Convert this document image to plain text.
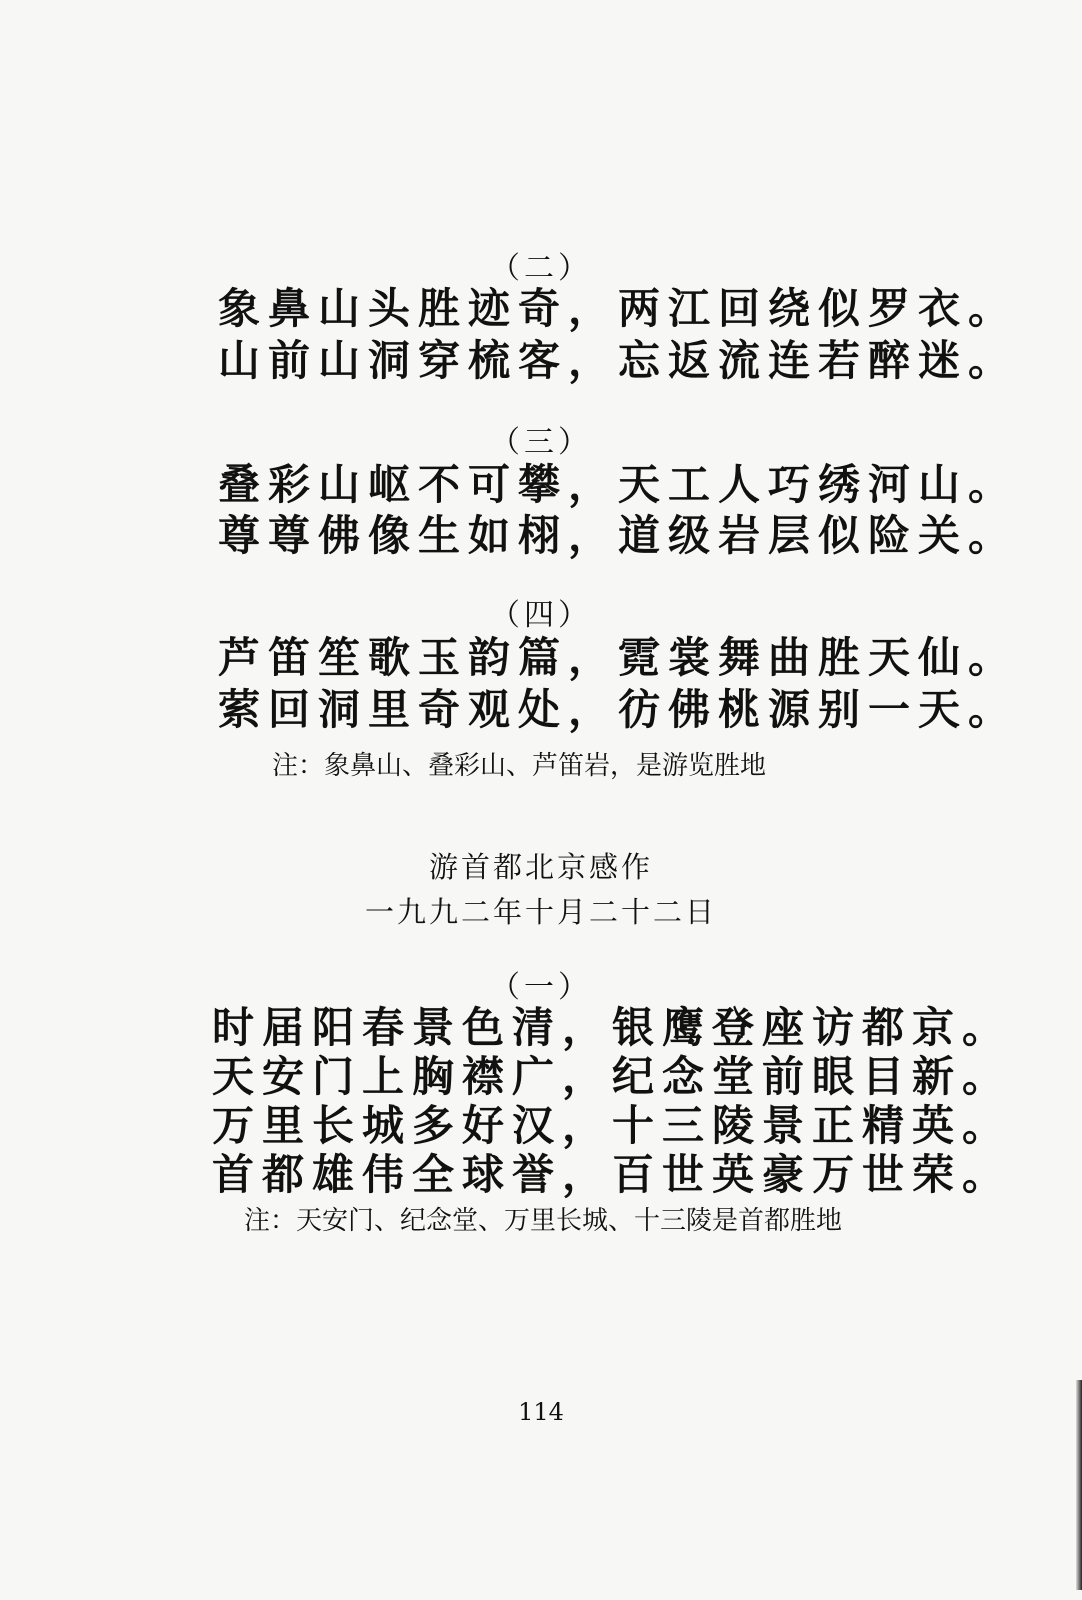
（二）
象鼻山头胜迹奇，两江回绕似罗衣。
山前山洞穿梳客，忘返流连若醉迷。
（三）
叠彩山岖不可攀，天工人巧绣河山。
尊尊佛像生如栩，道级岩层似险关。
（四）
芦笛笙歌玉韵篇，霓裳舞曲胜天仙。
萦回洞里奇观处，彷佛桃源别一天。
注：象鼻山、叠彩山、芦笛岩，是游览胜地
游首都北京感作
一九九二年十月二十二日
（一）
时届阳春景色清，银鹰登座访都京。
天安门上胸襟广，纪念堂前眼目新。
万里长城多好汉，十三陵景正精英。
首都雄伟全球誉，百世英豪万世荣。
注：天安门、纪念堂、万里长城、十三陵是首都胜地
114
